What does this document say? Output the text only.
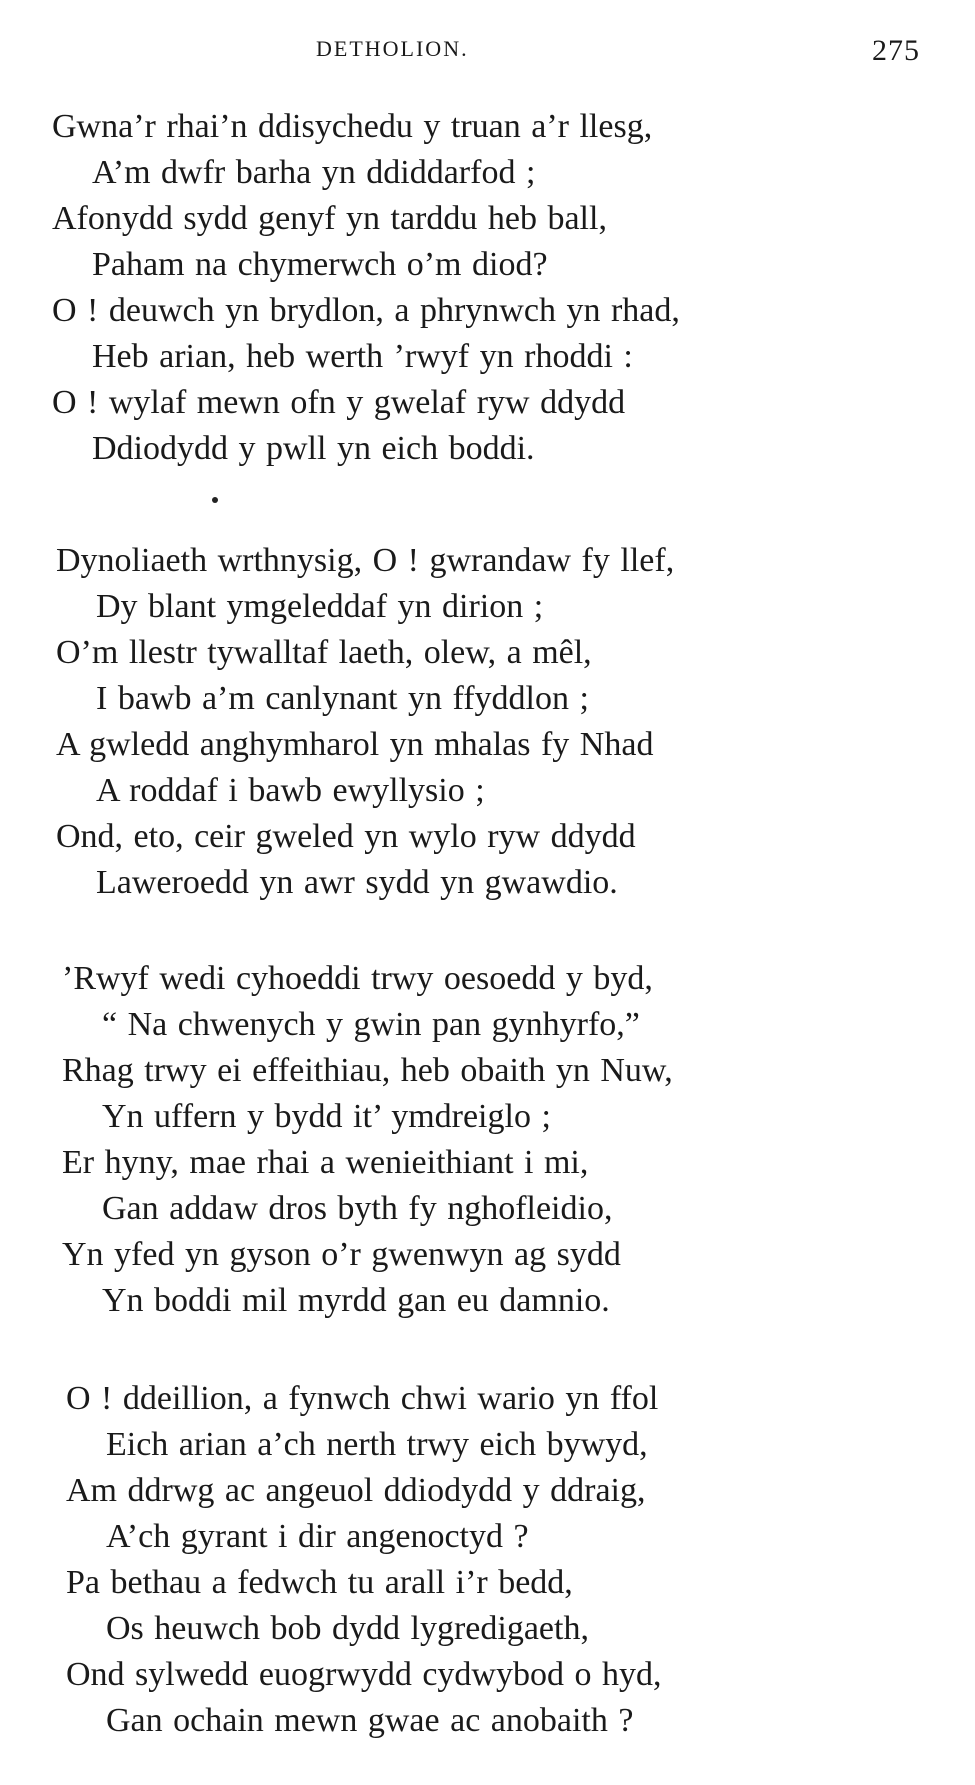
DETHOLION.	275
Gwna’r rhai’n ddisychedu y truan a’r llesg,
A’m dwfr barha yn ddiddarfod ;
Afonydd sydd genyf yn tarddu heb ball,
Paham na chymerwch o’m diod?
O ! deuwch yn brydlon, a phrynwch yn rhad,
Heb arian, heb werth ’rwyf yn rhoddi :
O ! wylaf mewn ofn y gwelaf ryw ddydd
Ddiodydd y pwll yn eich boddi.
Dynoliaeth wrthnysig, O ! gwrandaw fy llef,
Dy blant ymgeleddaf yn dirion ;
O’m llestr tywalltaf laeth, olew, a mêl,
I bawb a’m canlynant yn ffyddlon ;
A gwledd anghymharol yn mhalas fy Nhad
A roddaf i bawb ewyllysio ;
Ond, eto, ceir gweled yn wylo ryw ddydd
Laweroedd yn awr sydd yn gwawdio.
’Rwyf wedi cyhoeddi trwy oesoedd y byd,
“ Na chwenych y gwin pan gynhyrfo,”
Rhag trwy ei effeithiau, heb obaith yn Nuw,
Yn uffern y bydd it’ ymdreiglo ;
Er hyny, mae rhai a wenieithiant i mi,
Gan addaw dros byth fy nghofleidio,
Yn yfed yn gyson o’r gwenwyn ag sydd
Yn boddi mil myrdd gan eu damnio.
O ! ddeillion, a fynwch chwi wario yn ffol
Eich arian a’ch nerth trwy eich bywyd,
Am ddrwg ac angeuol ddiodydd y ddraig,
A’ch gyrant i dir angenoctyd ?
Pa bethau a fedwch tu arall i’r bedd,
Os heuwch bob dydd lygredigaeth,
Ond sylwedd euogrwydd cydwybod o hyd,
Gan ochain mewn gwae ac anobaith ?
